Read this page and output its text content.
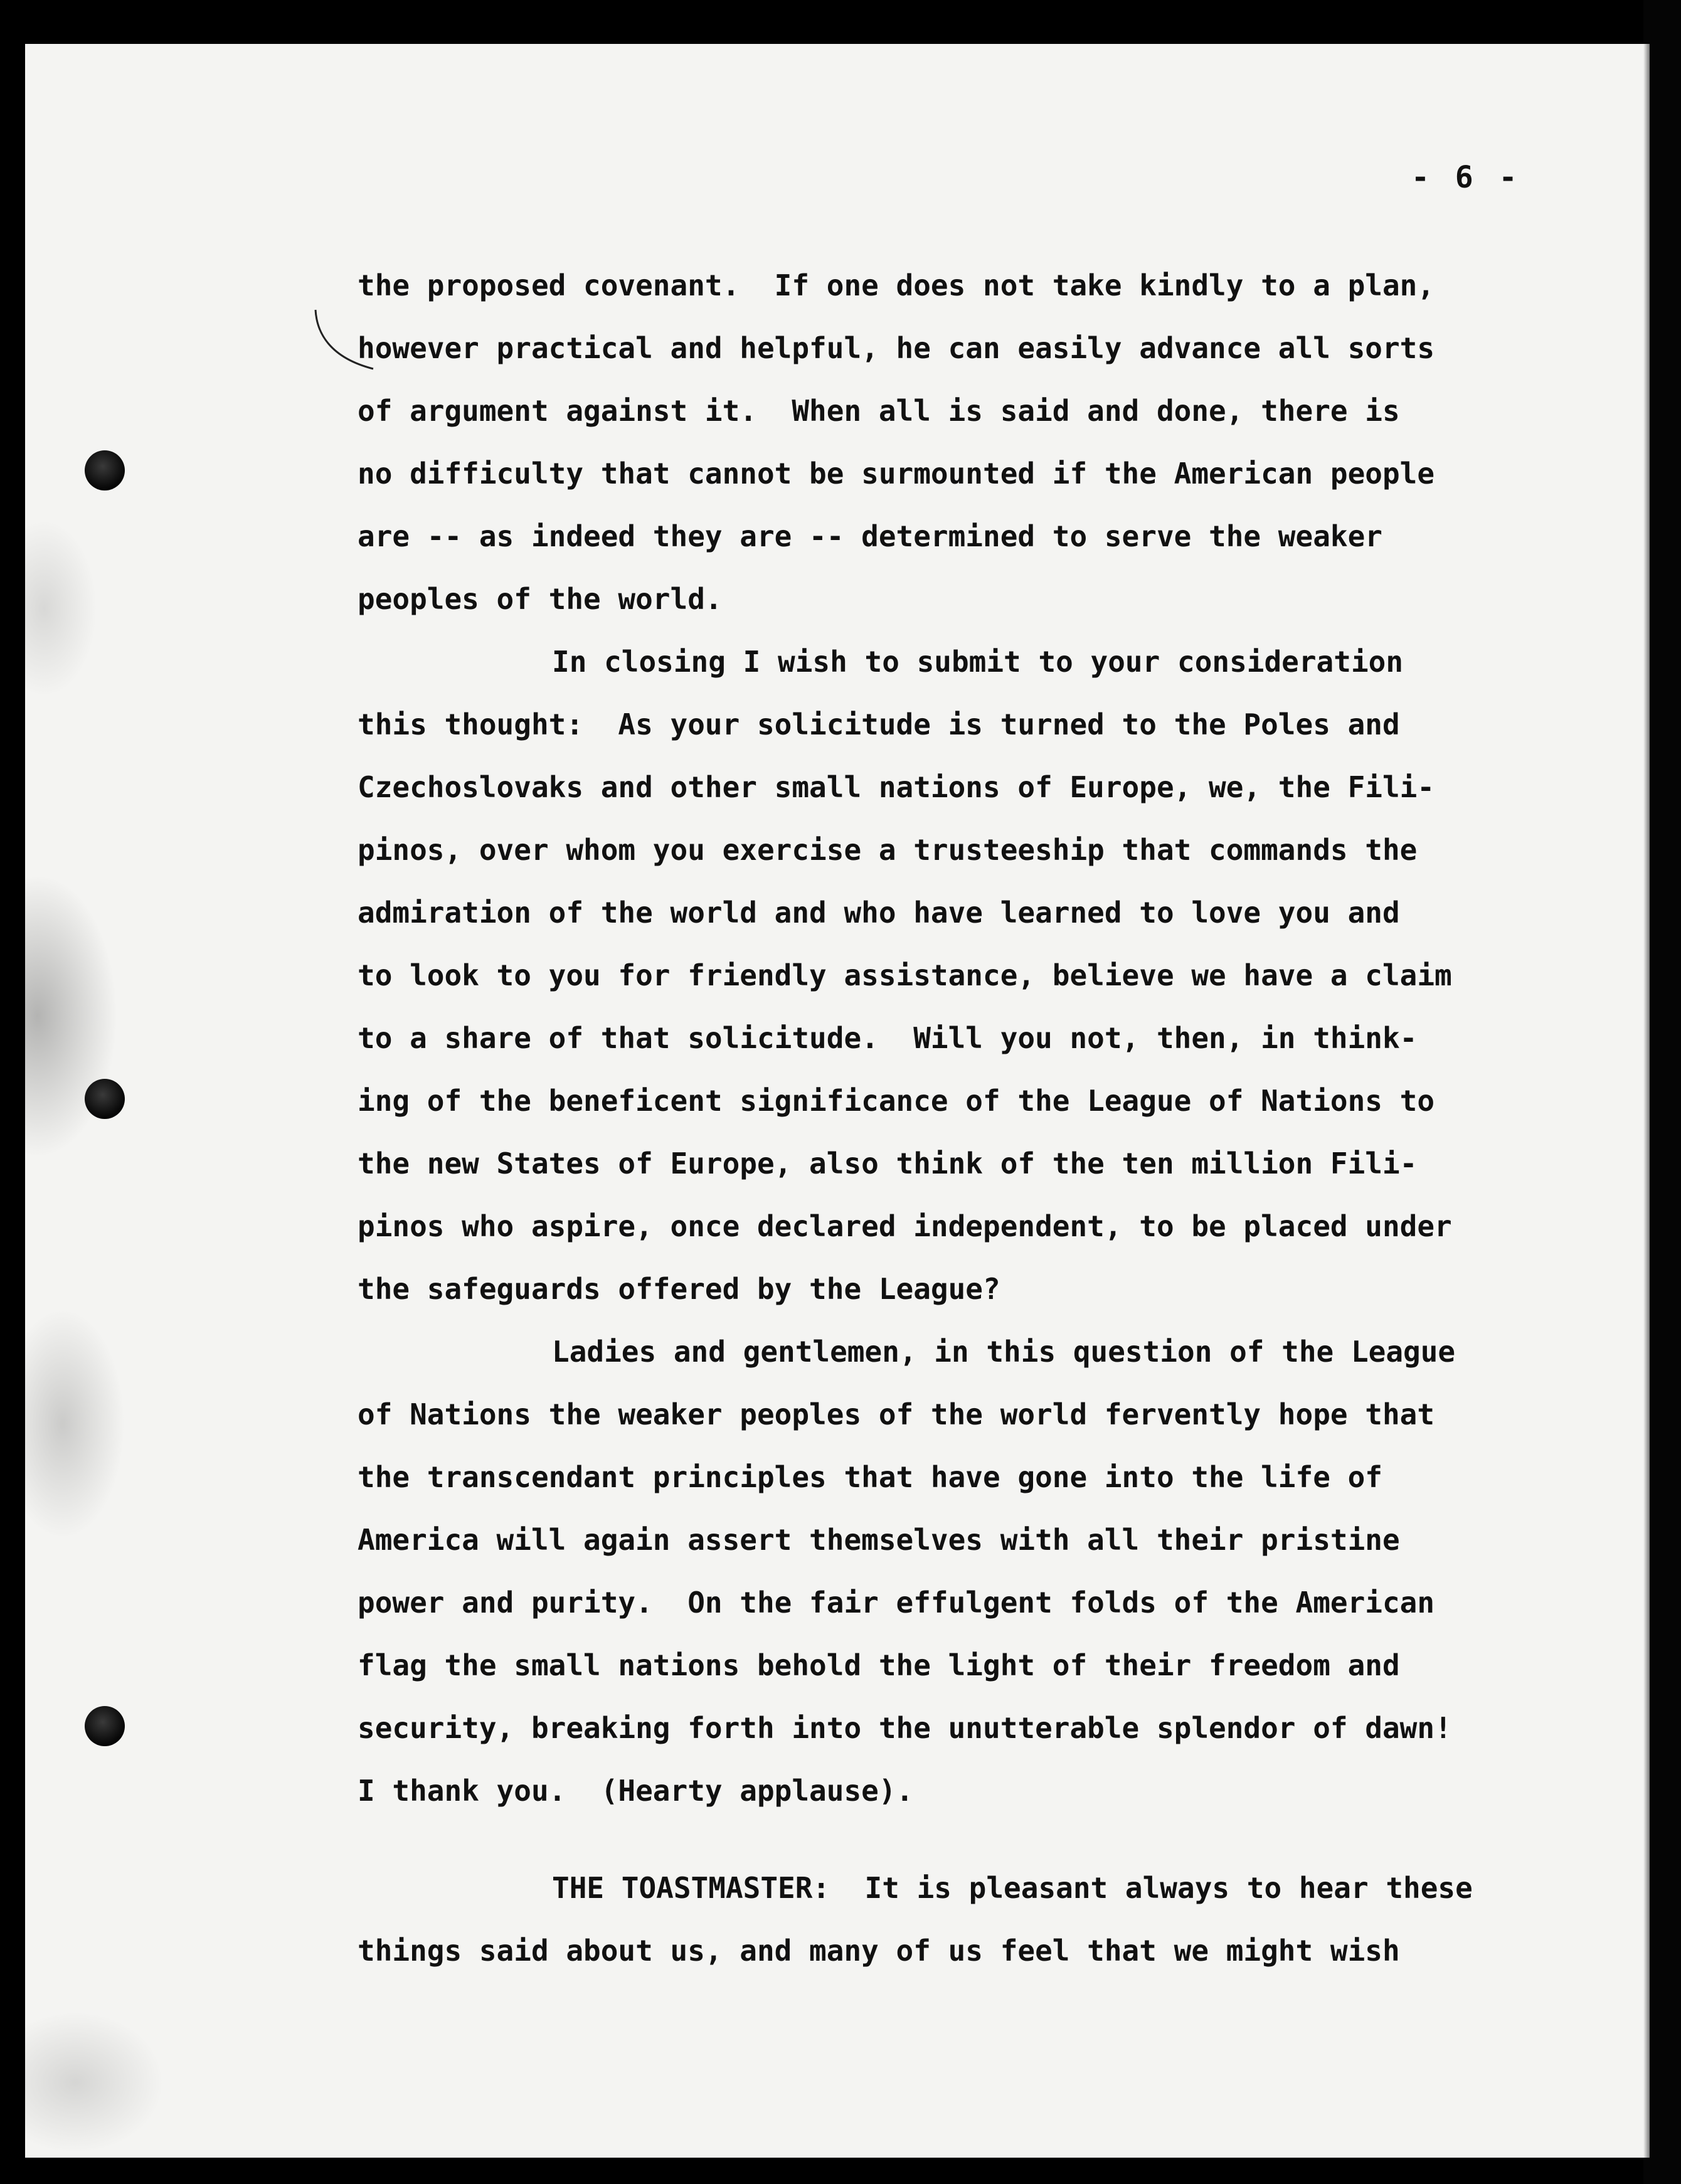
- 6 -
the proposed covenant.  If one does not take kindly to a plan,
however practical and helpful, he can easily advance all sorts
of argument against it.  When all is said and done, there is
no difficulty that cannot be surmounted if the American people
are -- as indeed they are -- determined to serve the weaker
peoples of the world.
In closing I wish to submit to your consideration
this thought:  As your solicitude is turned to the Poles and
Czechoslovaks and other small nations of Europe, we, the Fili-
pinos, over whom you exercise a trusteeship that commands the
admiration of the world and who have learned to love you and
to look to you for friendly assistance, believe we have a claim
to a share of that solicitude.  Will you not, then, in think-
ing of the beneficent significance of the League of Nations to
the new States of Europe, also think of the ten million Fili-
pinos who aspire, once declared independent, to be placed under
the safeguards offered by the League?
Ladies and gentlemen, in this question of the League
of Nations the weaker peoples of the world fervently hope that
the transcendant principles that have gone into the life of
America will again assert themselves with all their pristine
power and purity.  On the fair effulgent folds of the American
flag the small nations behold the light of their freedom and
security, breaking forth into the unutterable splendor of dawn!
I thank you.  (Hearty applause).
THE TOASTMASTER:  It is pleasant always to hear these
things said about us, and many of us feel that we might wish
